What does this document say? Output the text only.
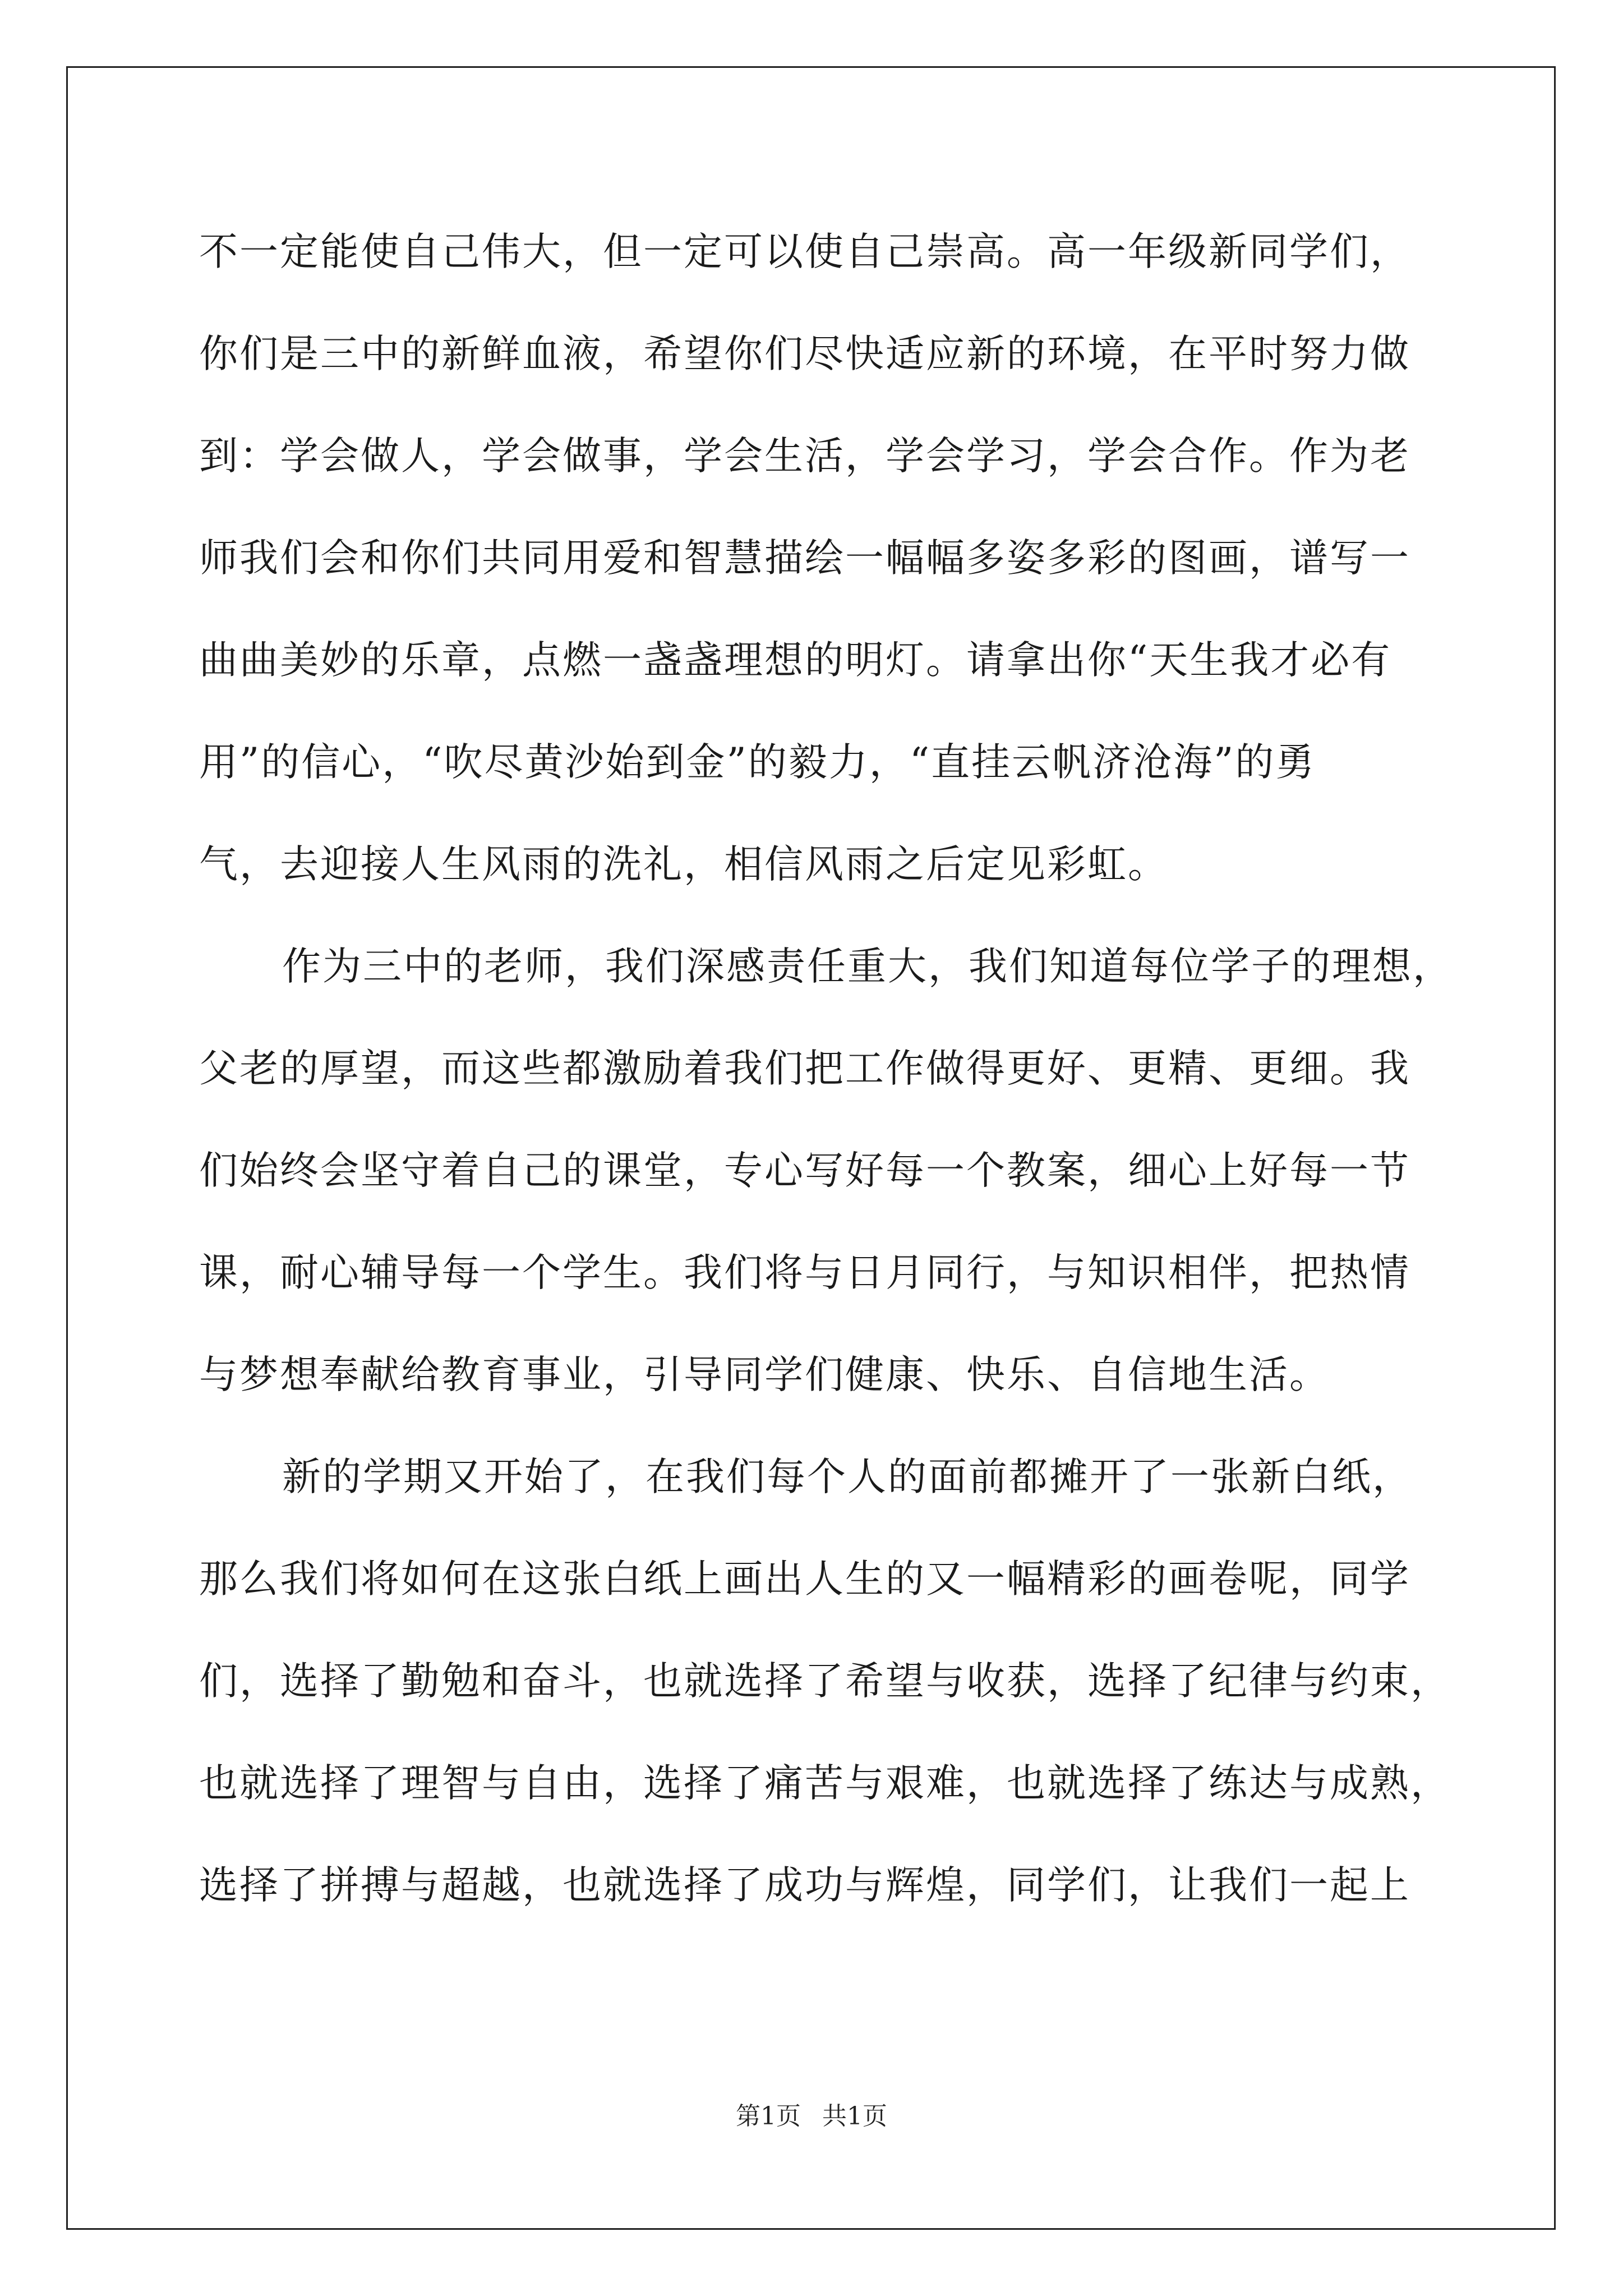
不一定能使自己伟大，但一定可以使自己崇高。高一年级新同学们，
你们是三中的新鲜血液，希望你们尽快适应新的环境，在平时努力做
到：学会做人，学会做事，学会生活，学会学习，学会合作。作为老
师我们会和你们共同用爱和智慧描绘一幅幅多姿多彩的图画，谱写一
曲曲美妙的乐章，点燃一盏盏理想的明灯。请拿出你“天生我才必有
用”的信心，“吹尽黄沙始到金”的毅力，“直挂云帆济沧海”的勇
气，去迎接人生风雨的洗礼，相信风雨之后定见彩虹。
作为三中的老师，我们深感责任重大，我们知道每位学子的理想，
父老的厚望，而这些都激励着我们把工作做得更好、更精、更细。我
们始终会坚守着自己的课堂，专心写好每一个教案，细心上好每一节
课，耐心辅导每一个学生。我们将与日月同行，与知识相伴，把热情
与梦想奉献给教育事业，引导同学们健康、快乐、自信地生活。
新的学期又开始了，在我们每个人的面前都摊开了一张新白纸，
那么我们将如何在这张白纸上画出人生的又一幅精彩的画卷呢，同学
们，选择了勤勉和奋斗，也就选择了希望与收获，选择了纪律与约束，
也就选择了理智与自由，选择了痛苦与艰难，也就选择了练达与成熟，
选择了拼搏与超越，也就选择了成功与辉煌，同学们，让我们一起上
第1页 共1页
